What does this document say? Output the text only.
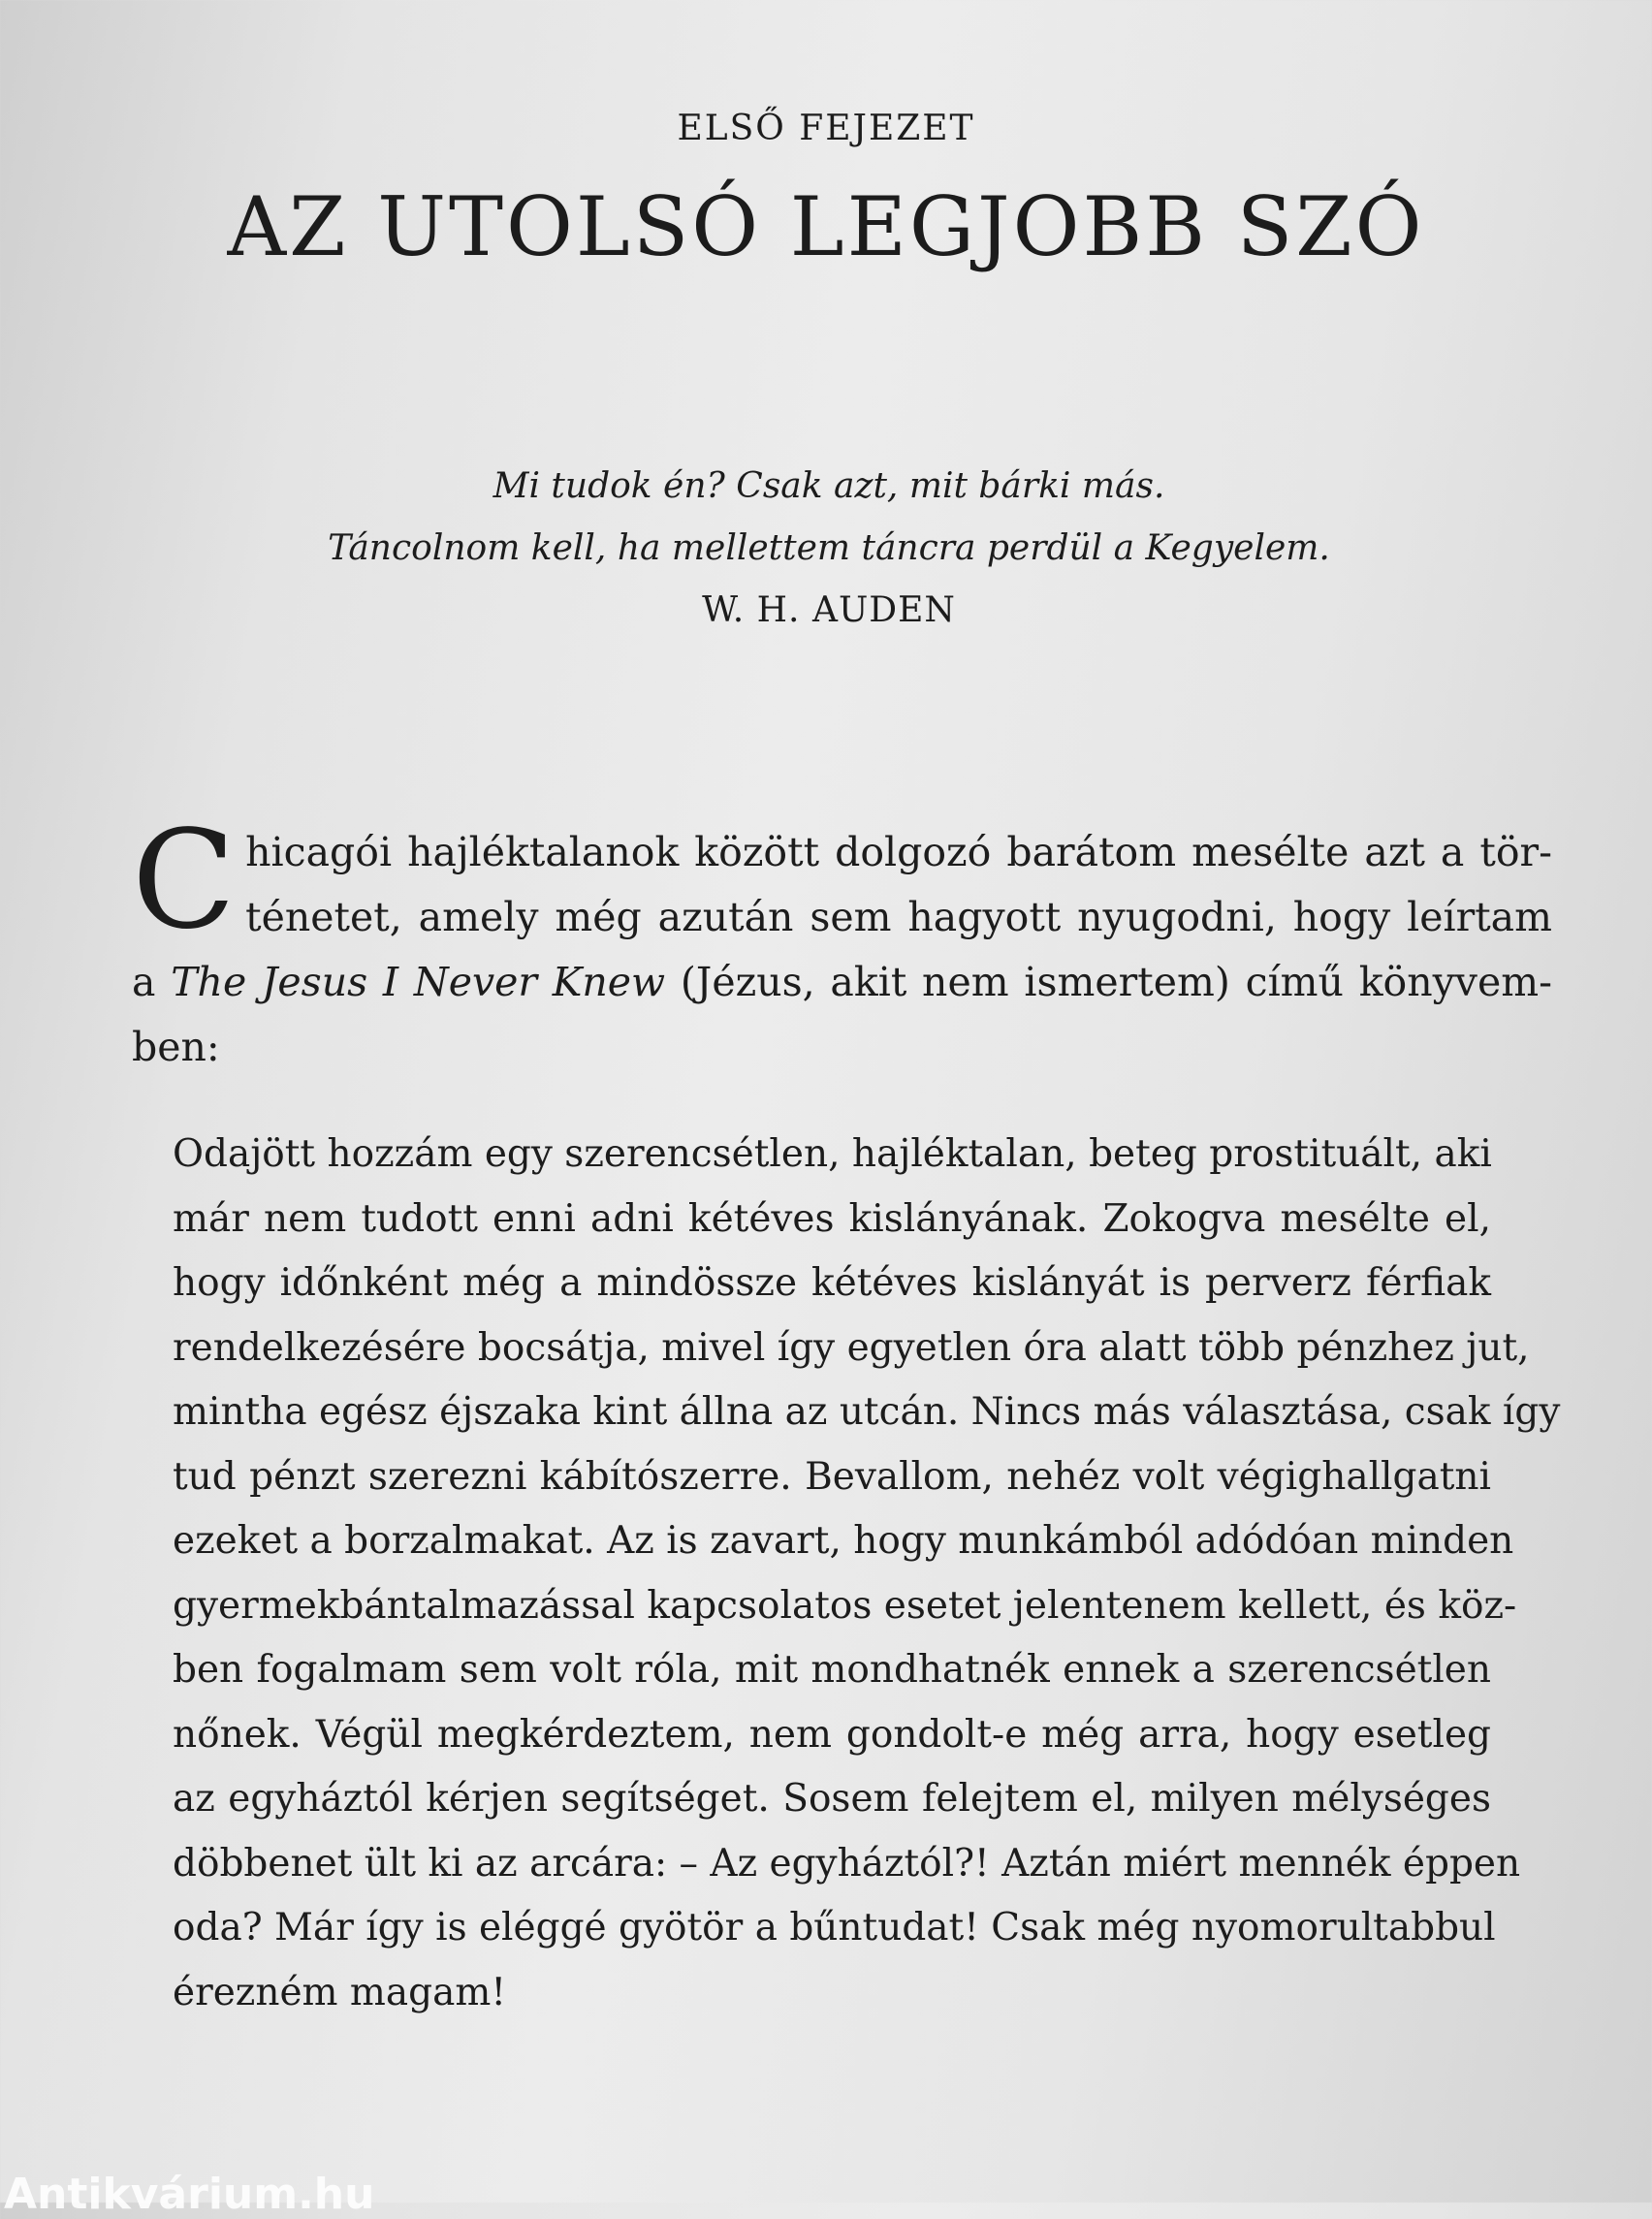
ELSŐ FEJEZET
AZ UTOLSÓ LEGJOBB SZÓ
Mi tudok én? Csak azt, mit bárki más.
Táncolnom kell, ha mellettem táncra perdül a Kegyelem.
W. H. AUDEN
C hicagói hajléktalanok között dolgozó barátom mesélte azt a tör-
ténetet, amely még azután sem hagyott nyugodni, hogy leírtam
a The Jesus I Never Knew (Jézus, akit nem ismertem) című könyvem-
ben:
Odajött hozzám egy szerencsétlen, hajléktalan, beteg prostituált, aki
már nem tudott enni adni kétéves kislányának. Zokogva mesélte el,
hogy időnként még a mindössze kétéves kislányát is perverz férfiak
rendelkezésére bocsátja, mivel így egyetlen óra alatt több pénzhez jut,
mintha egész éjszaka kint állna az utcán. Nincs más választása, csak így
tud pénzt szerezni kábítószerre. Bevallom, nehéz volt végighallgatni
ezeket a borzalmakat. Az is zavart, hogy munkámból adódóan minden
gyermekbántalmazással kapcsolatos esetet jelentenem kellett, és köz-
ben fogalmam sem volt róla, mit mondhatnék ennek a szerencsétlen
nőnek. Végül megkérdeztem, nem gondolt-e még arra, hogy esetleg
az egyháztól kérjen segítséget. Sosem felejtem el, milyen mélységes
döbbenet ült ki az arcára: – Az egyháztól?! Aztán miért mennék éppen
oda? Már így is eléggé gyötör a bűntudat! Csak még nyomorultabbul
érezném magam!
Antikvárium.hu
